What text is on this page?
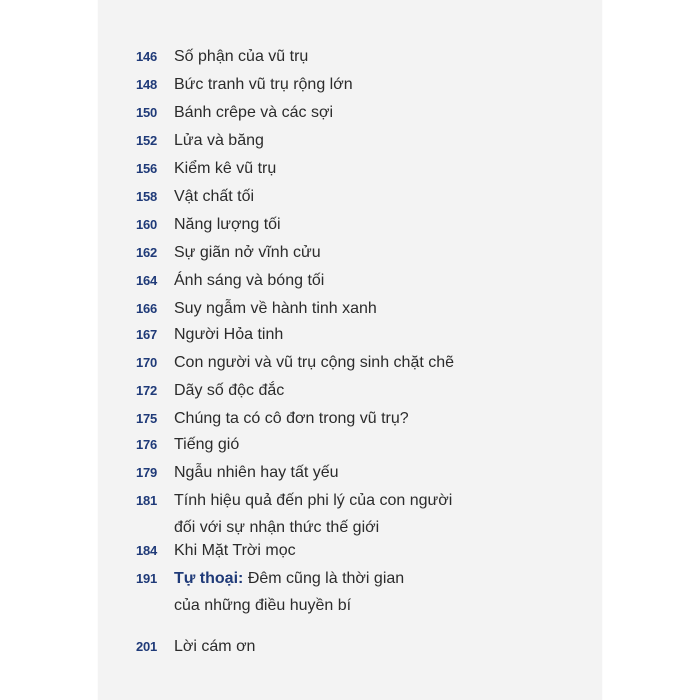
146	Số phận của vũ trụ
148	Bức tranh vũ trụ rộng lớn
150	Bánh crêpe và các sợi
152	Lửa và băng
156	Kiểm kê vũ trụ
158	Vật chất tối
160	Năng lượng tối
162	Sự giãn nở vĩnh cửu
164	Ánh sáng và bóng tối
166	Suy ngẫm về hành tinh xanh
167	Người Hỏa tinh
170	Con người và vũ trụ cộng sinh chặt chẽ
172	Dãy số độc đắc
175	Chúng ta có cô đơn trong vũ trụ?
176	Tiếng gió
179	Ngẫu nhiên hay tất yếu
181	Tính hiệu quả đến phi lý của con người
đối với sự nhận thức thế giới
184	Khi Mặt Trời mọc
191	Tự thoại: Đêm cũng là thời gian
của những điều huyền bí
201	Lời cám ơn
